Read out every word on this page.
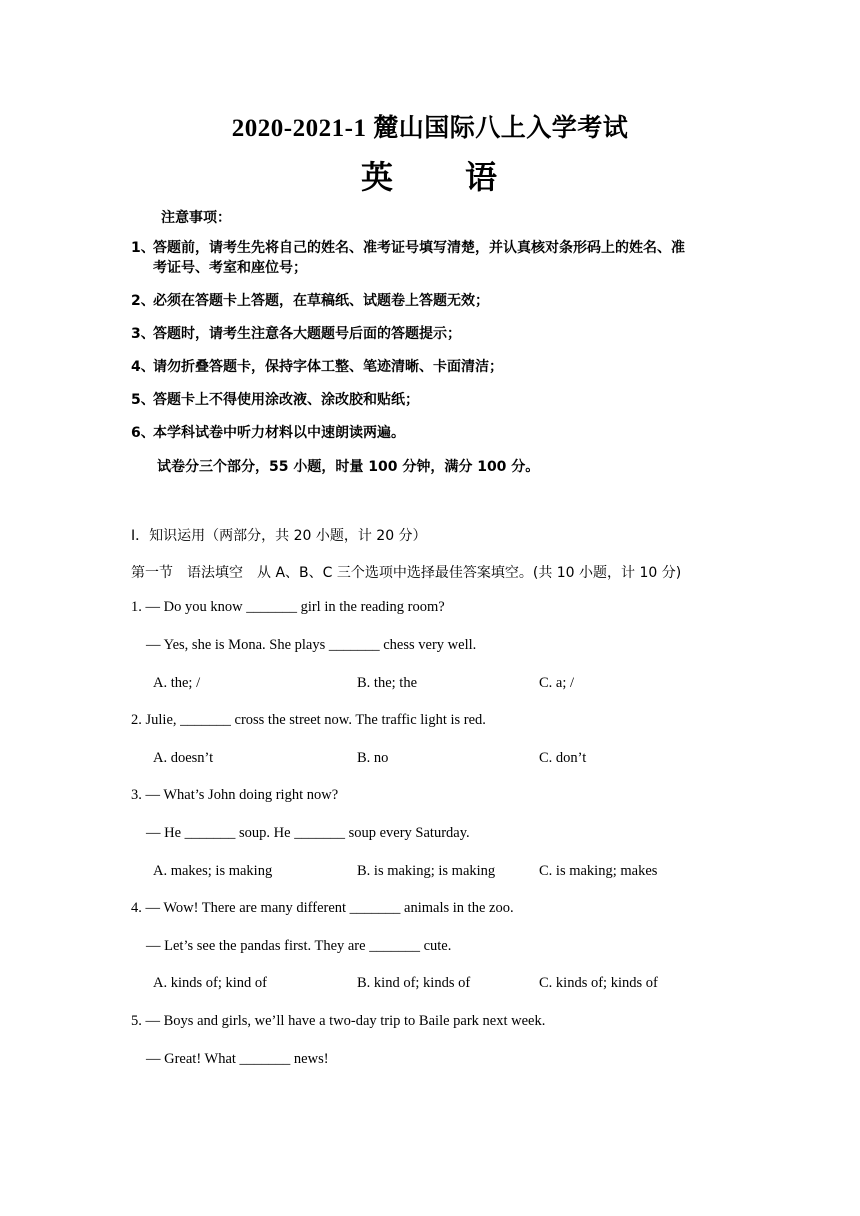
2020-2021-1 麓山国际八上入学考试
英 语
注意事项：
1、答题前，请考生先将自己的姓名、准考证号填写清楚，并认真核对条形码上的姓名、准
考证号、考室和座位号；
2、必须在答题卡上答题，在草稿纸、试题卷上答题无效；
3、答题时，请考生注意各大题题号后面的答题提示；
4、请勿折叠答题卡，保持字体工整、笔迹清晰、卡面清洁；
5、答题卡上不得使用涂改液、涂改胶和贴纸；
6、本学科试卷中听力材料以中速朗读两遍。
试卷分三个部分，55 小题，时量 100 分钟，满分 100 分。
I．知识运用（两部分，共 20 小题，计 20 分）
第一节　语法填空　从 A、B、C 三个选项中选择最佳答案填空。(共 10 小题，计 10 分)
1. — Do you know _______ girl in the reading room?
— Yes, she is Mona. She plays _______ chess very well.
A. the; /	B. the; the	C. a; /
2. Julie, _______ cross the street now. The traffic light is red.
A. doesn’t	B. no	C. don’t
3. — What’s John doing right now?
— He _______ soup. He _______ soup every Saturday.
A. makes; is making	B. is making; is making	C. is making; makes
4. — Wow! There are many different _______ animals in the zoo.
— Let’s see the pandas first. They are _______ cute.
A. kinds of; kind of	B. kind of; kinds of	C. kinds of; kinds of
5. — Boys and girls, we’ll have a two-day trip to Baile park next week.
— Great! What _______ news!
